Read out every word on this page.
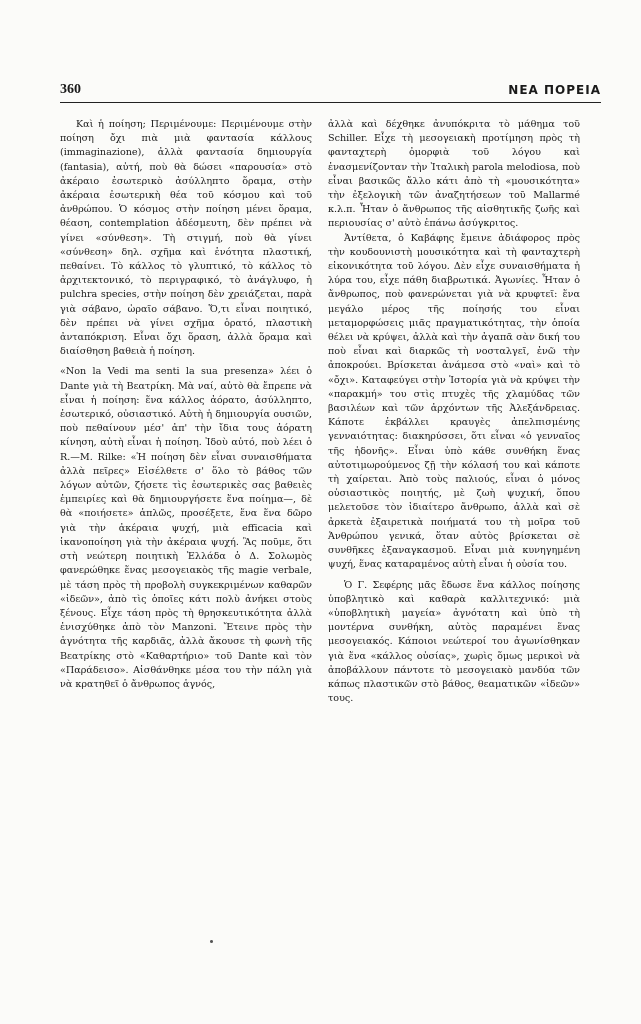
360	ΝΕΑ ΠΟΡΕΙΑ

Καὶ ἡ ποίηση; Περιμένουμε: Περιμένουμε στὴν ποίηση ὄχι πιὰ μιὰ φαντασία κάλλους (immaginazione), ἀλλὰ φαντασία δημιουργία (fantasia), αὐτή, ποὺ θὰ δώσει «παρουσία» στὸ ἀκέραιο ἐσωτερικὸ ἀσύλληπτο ὅραμα, στὴν ἀκέραια ἐσωτερικὴ θέα τοῦ κόσμου καὶ τοῦ ἀνθρώπου. Ὁ κόσμος στὴν ποίηση μένει ὅραμα, θέαση, contemplation ἀδέσμευτη, δὲν πρέπει νὰ γίνει «σύνθεση». Τὴ στιγμή, ποὺ θὰ γίνει «σύνθεση» δηλ. σχῆμα καὶ ἑνότητα πλαστική, πεθαίνει. Τὸ κάλλος τὸ γλυπτικό, τὸ κάλλος τὸ ἀρχιτεκτονικό, τὸ περιγραφικό, τὸ ἀνάγλυφο, ἡ pulchra species, στὴν ποίηση δὲν χρειάζεται, παρὰ γιὰ σάβανο, ὡραῖο σάβανο. Ὅ,τι εἶναι ποιητικό, δὲν πρέπει νὰ γίνει σχῆμα ὁρατό, πλαστικὴ ἀνταπόκριση. Εἶναι ὄχι ὅραση, ἀλλὰ ὅραμα καὶ διαίσθηση βαθειὰ ἡ ποίηση.

«Non la Vedi ma senti la sua presenza» λέει ὁ Dante γιὰ τὴ Βεατρίκη. Μὰ ναί, αὐτὸ θὰ ἔπρεπε νὰ εἶναι ἡ ποίηση: ἕνα κάλλος ἀόρατο, ἀσύλληπτο, ἐσωτερικό, οὐσιαστικό. Αὐτὴ ἡ δημιουργία ουσιῶν, ποὺ πεθαίνουν μέσ' ἀπ' τὴν ἴδια τους ἀόρατη κίνηση, αὐτὴ εἶναι ἡ ποίηση. Ἰδοὺ αὐτό, ποὺ λέει ὁ R.—M. Rilke: «Ἡ ποίηση δὲν εἶναι συναισθήματα ἀλλὰ πεῖρες» Εἰσέλθετε σ' ὅλο τὸ βάθος τῶν λόγων αὐτῶν, ζήσετε τὶς ἐσωτερικὲς σας βαθειὲς ἐμπειρίες καὶ θὰ δημιουργήσετε ἕνα ποίημα—, δὲ θὰ «ποιήσετε» ἁπλῶς, προσέξετε, ἕνα ἕνα δῶρο γιὰ τὴν ἀκέραια ψυχή, μιὰ efficacia καὶ ἱκανοποίηση γιὰ τὴν ἀκέραια ψυχή. Ἂς ποῦμε, ὅτι στὴ νεώτερη ποιητικὴ Ἑλλάδα ὁ Δ. Σολωμὸς φανερώθηκε ἕνας μεσογειακὸς τῆς magie verbale, μὲ τάση πρὸς τὴ προβολὴ συγκεκριμένων καθαρῶν «ἰδεῶν», ἀπὸ τὶς ὁποῖες κάτι πολὺ ἀνήκει στοὺς ξένους. Εἶχε τάση πρὸς τὴ θρησκευτικότητα ἀλλὰ ἐνισχύθηκε ἀπὸ τὸν Manzoni. Ἔτεινε πρὸς τὴν ἁγνότητα τῆς καρδιᾶς, ἀλλὰ ἄκουσε τὴ φωνὴ τῆς Βεατρίκης στὸ «Καθαρτήριο» τοῦ Dante καὶ τὸν «Παράδεισο». Αἰσθάνθηκε μέσα του τὴν πάλη γιὰ νὰ κρατηθεῖ ὁ ἄνθρωπος ἁγνός,

ἀλλὰ καὶ δέχθηκε ἀνυπόκριτα τὸ μάθημα τοῦ Schiller. Εἶχε τὴ μεσογειακὴ προτίμηση πρὸς τὴ φανταχτερὴ ὀμορφιὰ τοῦ λόγου καὶ ἐνασμενίζονταν τὴν Ἰταλικὴ parola melodiosa, ποὺ εἶναι βασικῶς ἄλλο κάτι ἀπὸ τὴ «μουσικότητα» τὴν ἐξελογικὴ τῶν ἀναζητήσεων τοῦ Mallarmé κ.λ.π. Ἦταν ὁ ἄνθρωπος τῆς αἰσθητικῆς ζωῆς καὶ περιουσίας σ' αὐτὸ ἐπάνω ἀσύγκριτος.

Ἀντίθετα, ὁ Καβάφης ἔμεινε ἀδιάφορος πρὸς τὴν κουδουνιστὴ μουσικότητα καὶ τὴ φανταχτερὴ εἰκονικότητα τοῦ λόγου. Δὲν εἶχε συναισθήματα ἡ λύρα του, εἶχε πάθη διαβρωτικά. Ἀγωνίες. Ἦταν ὁ ἄνθρωπος, ποὺ φανερώνεται γιὰ νὰ κρυφτεῖ: ἕνα μεγάλο μέρος τῆς ποίησής του εἶναι μεταμορφώσεις μιᾶς πραγματικότητας, τὴν ὁποία θέλει νὰ κρύψει, ἀλλὰ καὶ τὴν ἀγαπᾶ σὰν δική του ποὺ εἶναι καὶ διαρκῶς τὴ νοσταλγεῖ, ἐνῶ τὴν ἀποκρούει. Βρίσκεται ἀνάμεσα στὸ «ναὶ» καὶ τὸ «ὄχι». Καταφεύγει στὴν Ἱστορία γιὰ νὰ κρύψει τὴν «παρακμή» του στὶς πτυχὲς τῆς χλαμύδας τῶν βασιλέων καὶ τῶν ἀρχόντων τῆς Ἀλεξάνδρειας. Κάποτε ἐκβάλλει κραυγὲς ἀπελπισμένης γενναιότητας: διακηρύσσει, ὅτι εἶναι «ὁ γενναῖος τῆς ἡδονῆς». Εἶναι ὑπὸ κάθε συνθήκη ἕνας αὐτοτιμωρούμενος ζῇ τὴν κόλασή του καὶ κάποτε τὴ χαίρεται. Ἀπὸ τοὺς παλιούς, εἶναι ὁ μόνος οὐσιαστικὸς ποιητής, μὲ ζωὴ ψυχική, ὅπου μελετοῦσε τὸν ἰδιαίτερο ἄνθρωπο, ἀλλὰ καὶ σὲ ἀρκετὰ ἐξαιρετικὰ ποιήματά του τὴ μοῖρα τοῦ Ἀνθρώπου γενικά, ὅταν αὐτὸς βρίσκεται σὲ συνθῆκες ἐξαναγκασμοῦ. Εἶναι μιὰ κυνηγημένη ψυχή, ἕνας καταραμένος αὐτὴ εἶναι ἡ οὐσία του.

Ὁ Γ. Σεφέρης μᾶς ἔδωσε ἕνα κάλλος ποίησης ὑποβλητικὸ καὶ καθαρὰ καλλιτεχνικό: μιὰ «ὑποβλητικὴ μαγεία» ἀγνότατη καὶ ὑπὸ τὴ μοντέρνα συνθήκη, αὐτὸς παραμένει ἕνας μεσογειακός. Κάποιοι νεώτεροί του ἀγωνίσθηκαν γιὰ ἕνα «κάλλος οὐσίας», χωρὶς ὅμως μερικοὶ νὰ ἀποβάλλουν πάντοτε τὸ μεσογειακὸ μανδύα τῶν κάπως πλαστικῶν στὸ βάθος, θεαματικῶν «ἰδεῶν» τους.
